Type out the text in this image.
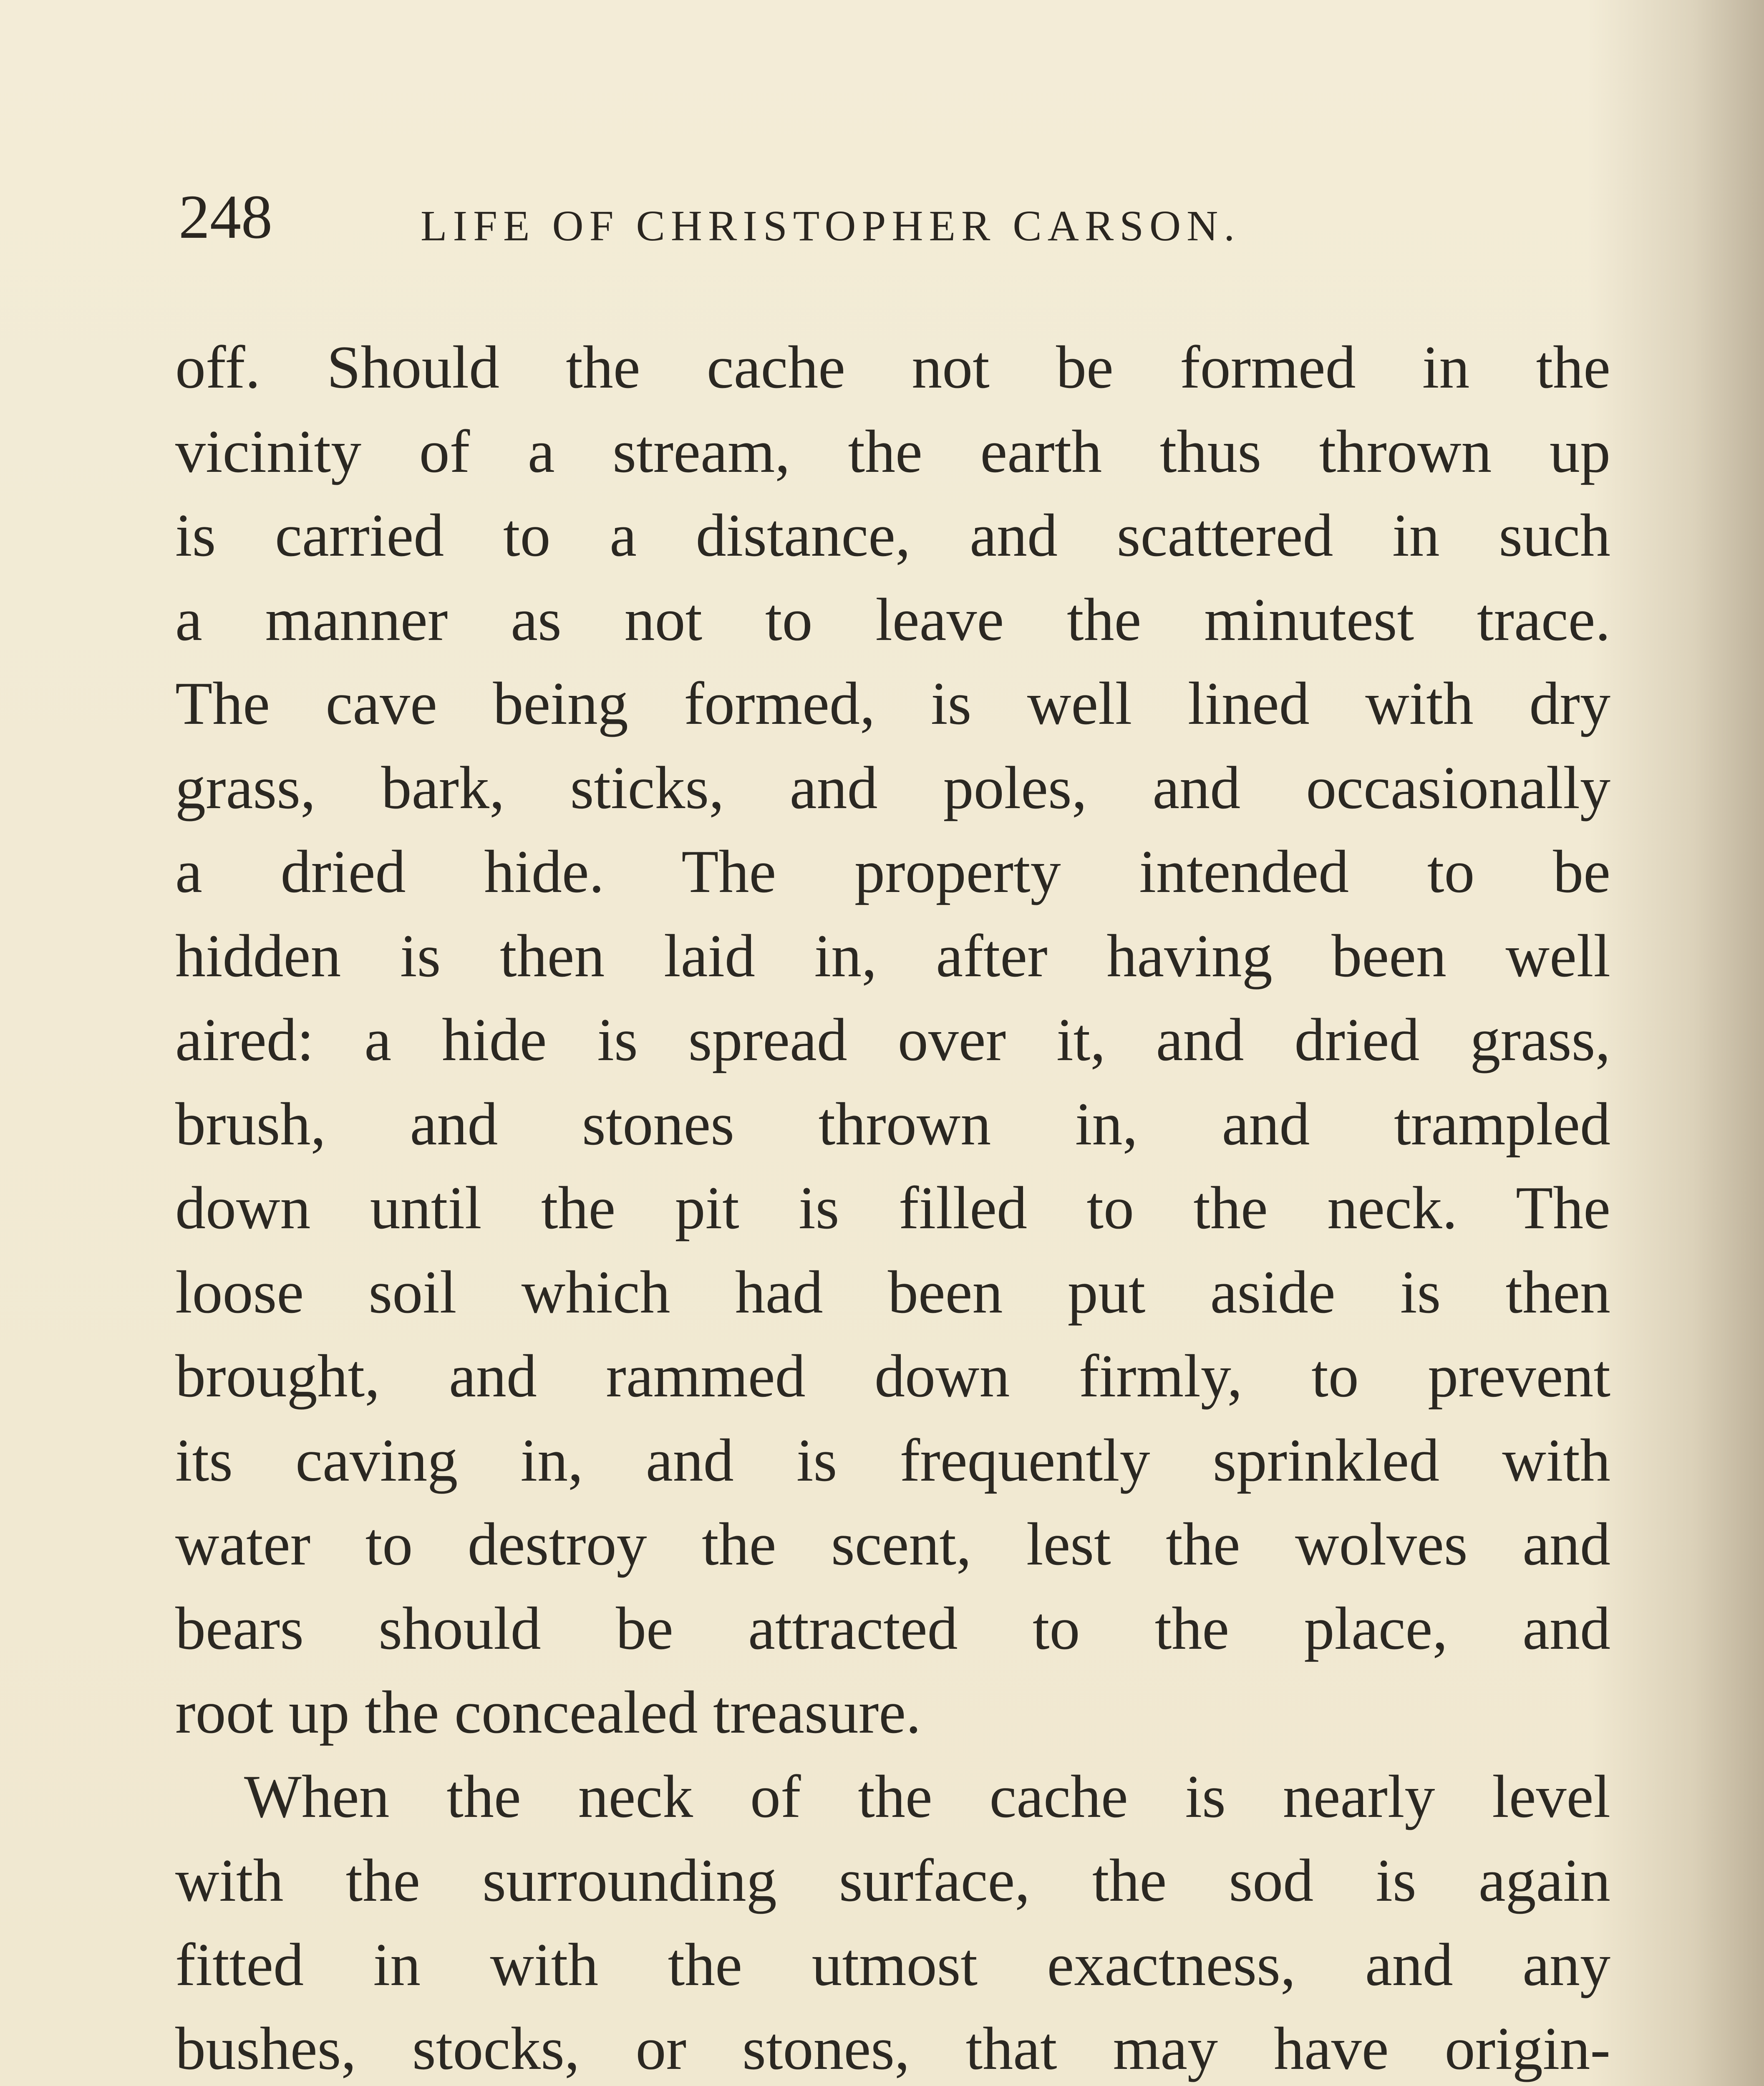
248	LIFE OF CHRISTOPHER CARSON.
off. Should the cache not be formed in the
vicinity of a stream, the earth thus thrown up
is carried to a distance, and scattered in such
a manner as not to leave the minutest trace.
The cave being formed, is well lined with dry
grass, bark, sticks, and poles, and occasionally
a dried hide. The property intended to be
hidden is then laid in, after having been well
aired: a hide is spread over it, and dried grass,
brush, and stones thrown in, and trampled
down until the pit is filled to the neck. The
loose soil which had been put aside is then
brought, and rammed down firmly, to prevent
its caving in, and is frequently sprinkled with
water to destroy the scent, lest the wolves and
bears should be attracted to the place, and
root up the concealed treasure.
When the neck of the cache is nearly level
with the surrounding surface, the sod is again
fitted in with the utmost exactness, and any
bushes, stocks, or stones, that may have origin-
